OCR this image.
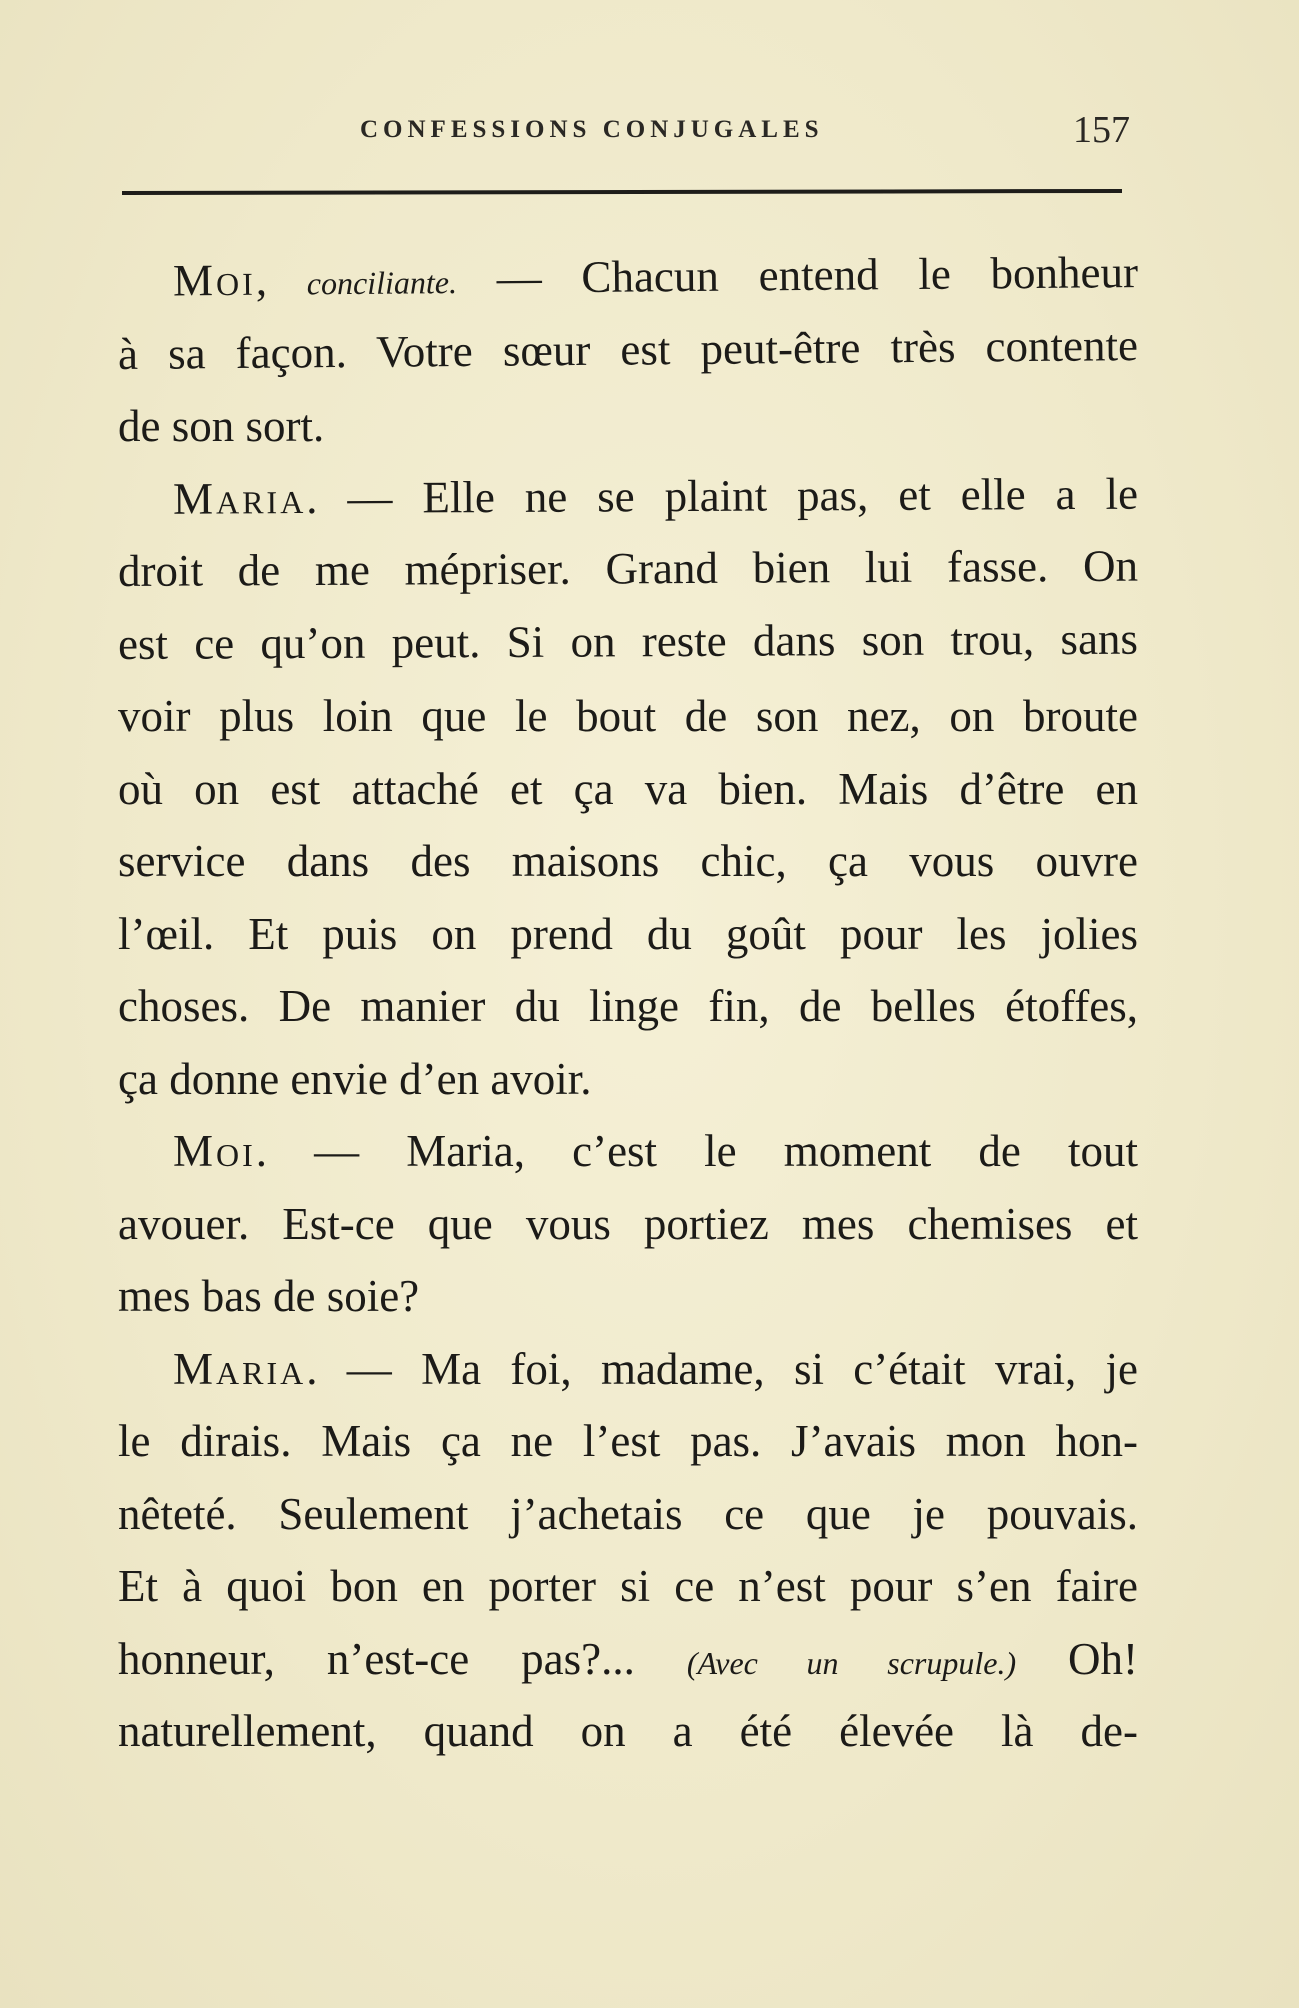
CONFESSIONS CONJUGALES	157
Moi, conciliante. — Chacun entend le bonheur
à sa façon. Votre sœur est peut-être très contente
de son sort.
Maria. — Elle ne se plaint pas, et elle a le
droit de me mépriser. Grand bien lui fasse. On
est ce qu’on peut. Si on reste dans son trou, sans
voir plus loin que le bout de son nez, on broute
où on est attaché et ça va bien. Mais d’être en
service dans des maisons chic, ça vous ouvre
l’œil. Et puis on prend du goût pour les jolies
choses. De manier du linge fin, de belles étoffes,
ça donne envie d’en avoir.
Moi. — Maria, c’est le moment de tout
avouer. Est-ce que vous portiez mes chemises et
mes bas de soie?
Maria. — Ma foi, madame, si c’était vrai, je
le dirais. Mais ça ne l’est pas. J’avais mon hon-
nêteté. Seulement j’achetais ce que je pouvais.
Et à quoi bon en porter si ce n’est pour s’en faire
honneur, n’est-ce pas?... (Avec un scrupule.) Oh!
naturellement, quand on a été élevée là de-
